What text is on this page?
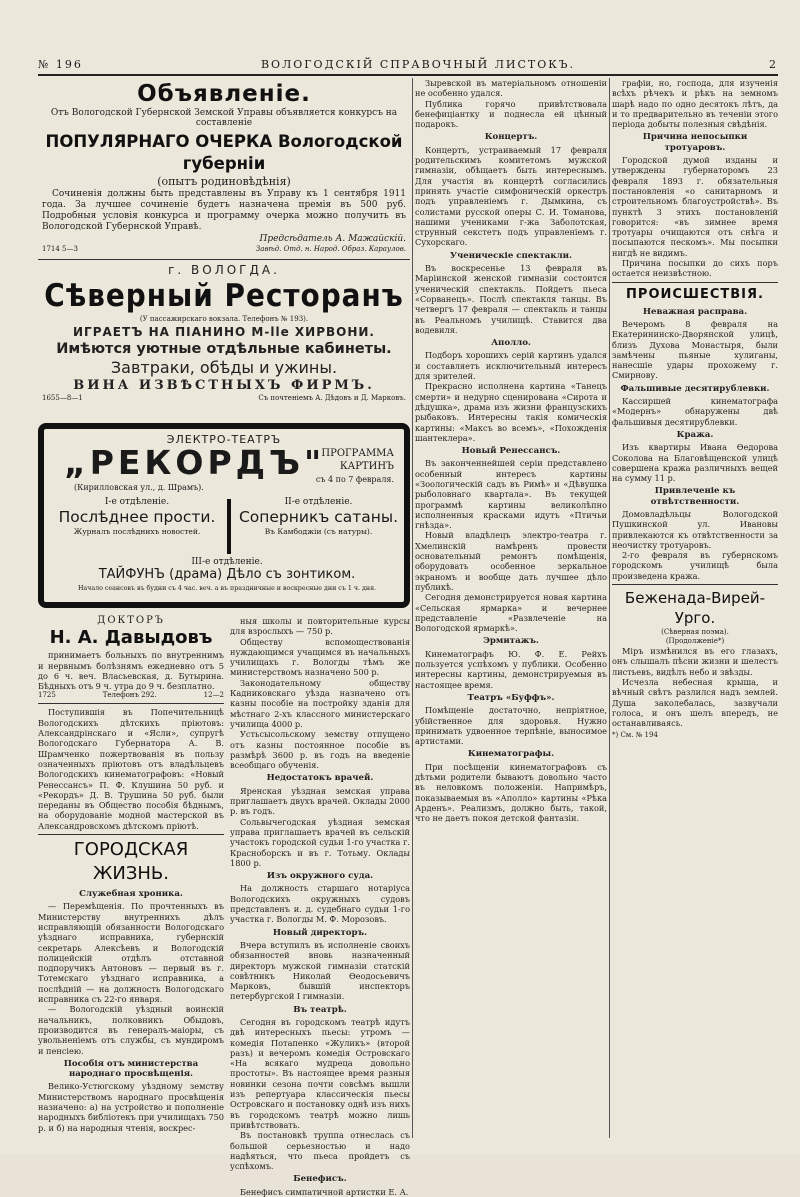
№ 196	ВОЛОГОДСКІЙ СПРАВОЧНЫЙ ЛИСТОКЪ.	2
Объявленіе.

Отъ Вологодской Губернской Земской Управы объявляется конкурсъ на составленіе

ПОПУЛЯРНАГО ОЧЕРКА Вологодской губерніи

(опытъ родиновѣдѣнія)

Сочиненія должны быть представлены въ Управу къ 1 сентября 1911 года. За лучшее сочиненіе будетъ назначена премія въ 500 руб. Подробныя условія конкурса и программу очерка можно получить въ Вологодской Губернской Управѣ.

Предсѣдатель А. Мажайскій.

1714 5—3	Завѣд. Отд. н. Народ. Образ. Караулов.

г. ВОЛОГДА.

Сѣверный Ресторанъ

(У пассажирскаго вокзала. Телефонъ № 193).

ИГРАЕТЪ НА ПІАНИНО М-lle ХИРВОНИ.

Имѣются уютные отдѣльные кабинеты.

Завтраки, обѣды и ужины.

ВИНА ИЗВѢСТНЫХЪ ФИРМЪ.

1655—8—1	Съ почтеніемъ А. Дѣдовъ и Д. Марковъ.
ЭЛЕКТРО-ТЕАТРЪ
„РЕКОРДЪ"
(Кирилловская ул., д. Шрамъ).
ПРОГРАММА
КАРТИНЪ
съ 4 по 7 февраля.
I-е отдѣленіе.
Послѣднее прости.
Журналъ послѣднихъ новостей.
II-е отдѣленіе.
Соперникъ сатаны.
Въ Камбоджіи (съ натуры).
III-е отдѣленіе.
ТАЙФУНЪ (драма) Дѣло съ зонтиком.
Начало сеансовъ въ будни съ 4 час. веч. а въ праздничные и воскресные дни съ 1 ч. дня.

ДОКТОРЪ

Н. А. Давыдовъ

принимаетъ больныхъ по внутреннимъ и нервнымъ болѣзнямъ ежедневно отъ 5 до 6 ч. веч. Власьевская, д. Бутырина. Бѣдныхъ отъ 9 ч. утра до 9 ч. безплатно.

1725	Телефонъ 292.	12—2

Поступившія въ Попечительницѣ Вологодскихъ дѣтскихъ пріютовъ: Александрінскаго и «Ясли», супругѣ Вологодскаго Губернатора А. В. Шрамченко пожертвованія въ пользу означенныхъ пріютовъ отъ владѣльцевъ Вологодскихъ кинематографовъ: «Новый Ренессансъ» П. Ф. Клушина 50 руб. и «Рекордъ» Д. В. Трушина 50 руб. были переданы въ Общество пособія бѣднымъ, на оборудованіе модной мастерской въ Александровскомъ дѣтскомъ пріютѣ.

ГОРОДСКАЯ ЖИЗНЬ.

Служебная хроника.

— Перемѣщенія. По прочтенныхъ въ Министерству внутреннихъ дѣлъ исправляющій обязанности Вологодскаго уѣзднаго исправника, губернскій секретарь Алексѣевъ и Вологодскій полицейскій отдѣлъ отставной подпоручикъ Антоновъ — первый въ г. Тотемскаго уѣзднаго исправника, а послѣдній — на должность Вологодскаго исправника съ 22-го января.

— Вологодскій уѣздный воинскій начальникъ, полковникъ Обыдовъ, производится въ генералъ-маіоры, съ увольненіемъ отъ службы, съ мундиромъ и пенсіею.

Пособія отъ министерства народнаго просвѣщенія.

Велико-Устюгскому уѣздному земству Министерствомъ народнаго просвѣщенія назначено: а) на устройство и пополненіе народныхъ библіотекъ при училищахъ 750 р. и б) на народныя чтенія, воскрес-

ныя школы и повторительные курсы для взрослыхъ — 750 р.

Обществу вспомоществованія нуждающимся учащимся въ начальныхъ училищахъ г. Вологды тѣмъ же министерствомъ назначено 500 р.

Законодательному обществу Кадниковскаго уѣзда назначено отъ казны пособіе на постройку зданія для мѣстнаго 2-хъ классного министерскаго училища 4000 р.

Устьсысольскому земству отпущено отъ казны постоянное пособіе въ размѣрѣ 3600 р. въ годъ на введеніе всеобщаго обученія.

Недостатокъ врачей.

Яренская уѣздная земская управа приглашаетъ двухъ врачей. Оклады 2000 р. въ годъ.

Сольвычегодская уѣздная земская управа приглашаетъ врачей въ сельскій участокъ городской судьи 1-го участка г. Красноборскъ и въ г. Тотьму. Оклады 1800 р.

Изъ окружного суда.

На должность старшаго нотаріуса Вологодскихъ окружныхъ судовъ представленъ и. д. судебнаго судьи 1-го участка г. Вологды М. Ф. Морозовъ.

Новый директоръ.

Вчера вступилъ въ исполненіе своихъ обязанностей вновь назначенный директоръ мужской гимназіи статскій совѣтникъ Николай Ѳеодосьевичъ Марковъ, бывшій инспекторъ петербургской I гимназіи.

Въ театрѣ.

Сегодня въ городскомъ театрѣ идутъ двѣ интересныхъ пьесы: утромъ — комедія Потапенко «Жуликъ» (второй разъ) и вечеромъ комедія Островскаго «На всякаго мудреца довольно простоты». Въ настоящее время разныя новинки сезона почти совсѣмъ вышли изъ репертуара классическія пьесы Островскаго и постановку однѣ изъ нихъ въ городскомъ театрѣ можно лишь привѣтствовать.

Въ постановкѣ труппа отнеслась съ большой серьезностью и надо надѣяться, что пьеса пройдетъ съ успѣхомъ.

Бенефисъ.

Бенефисъ симпатичной артистки Е. А.

Зыревской въ матеріальномъ отношеніи не особенно удался.

Публика горячо привѣтствовала бенефиціантку и поднесла ей цѣнный подарокъ.

Концертъ.

Концертъ, устраиваемый 17 февраля родительскимъ комитетомъ мужской гимназіи, обѣщаетъ быть интереснымъ. Для участія въ концертѣ согласились принять участіе симфоническій оркестръ подъ управленіемъ г. Дымкина, съ солистами русской оперы С. И. Томанова, нашими учениками г-жа Заболотская, струнный секстетъ подъ управленіемъ г. Сухорскаго.

Ученическіе спектакли.

Въ воскресенье 13 февраля въ Маріинской женской гимназіи состоится ученическій спектакль. Пойдетъ пьеса «Сорванецъ». Послѣ спектакля танцы. Въ четвергъ 17 февраля — спектакль и танцы въ Реальномъ училищѣ. Ставится два водевиля.

Аполло.

Подборъ хорошихъ серій картинъ удался и составляетъ исключительный интересъ для зрителей.

Прекрасно исполнена картина «Танецъ смерти» и недурно сценирована «Сирота и дѣдушка», драма изъ жизни французскихъ рыбаковъ. Интересны такія комическія картины: «Максъ во всемъ», «Похожденія шантеклера».

Новый Ренессансъ.

Въ законченнейшей серіи представлено особенный интересъ картины «Зоологическій садъ въ Римѣ» и «Дѣвушка рыболовнаго квартала». Въ текущей программѣ картины великолѣпно исполненныя красками идутъ «Птичьи гнѣзда».

Новый владѣлецъ электро-театра г. Хмелинскій намѣренъ провести основательный ремонтъ помѣщенія, оборудовать особенное зеркальное экраномъ и вообще дать лучшее дѣло публикѣ.

Сегодня демонстрируется новая картина «Сельская ярмарка» и вечернее представленіе «Развлеченіе на Вологодской ярмаркѣ».

Эрмитажъ.

Кинематографъ Ю. Ф. Е. Рейхъ пользуется успѣхомъ у публики. Особенно интересны картины, демонстрируемыя въ настоящее время.

Театръ «Буффъ».

Помѣщеніе достаточно, непріятное, убійственное для здоровья. Нужно принимать удвоенное терпѣніе, выносимое артистами.

Кинематографы.

При посѣщеніи кинематографовъ съ дѣтьми родители бываютъ довольно часто въ неловкомъ положеніи. Напримѣръ, показываемыя въ «Аполло» картины «Рѣка Арденъ». Реализмъ, должно быть, такой, что не даетъ покоя детской фантазіи.

графіи, но, господа, для изученія всѣхъ рѣчекъ и рѣкъ на земномъ шарѣ надо по одно десятокъ лѣтъ, да и то предварительно въ теченіи этого періода добыты полезныя свѣдѣнія.

Причина непосыпки тротуаровъ.

Городской думой изданы и утверждены губернаторомъ 23 февраля 1893 г. обязательныя постановленія «о санитарномъ и строительномъ благоустройствѣ». Въ пунктѣ 3 этихъ постановленій говорится: «въ зимнее время тротуары очищаются отъ снѣга и посыпаются пескомъ». Мы посыпки нигдѣ не видимъ.

Причина посыпки до сихъ поръ остается неизвѣстною.

ПРОИСШЕСТВІЯ.

Неважная расправа.

Вечеромъ 8 февраля на Екатерининско-Дворянской улицѣ, близъ Духова Монастыря, были замѣчены пьяные хулиганы, нанесшіе удары прохожему г. Смирнову.

Фальшивые десятирублевки.

Кассиршей кинематографа «Модернъ» обнаружены двѣ фальшивыя десятирублевки.

Кража.

Изъ квартиры Ивана Ѳедорова Соколова на Благовѣщенской улицѣ совершена кража различныхъ вещей на сумму 11 р.

Привлеченіе къ отвѣтственности.

Домовладѣльцы Вологодской Пушкинской ул. Ивановы привлекаются къ отвѣтственности за неочистку тротуаровъ.

2-го февраля въ губернскомъ городскомъ училищѣ была произведена кража.

Беженада-Вирей-Урго.

(Сѣверная поэма).

(Продолженіе*)

Міръ измѣнился въ его глазахъ, онъ слышалъ пѣсни жизни и шелестъ листьевъ, видѣлъ небо и звѣзды.

Исчезла небесная крыша, и вѣчный свѣтъ разлился надъ землей. Душа заколебалась, зазвучали голоса, и онъ шелъ впередъ, не останавливаясь.

*) См. № 194
